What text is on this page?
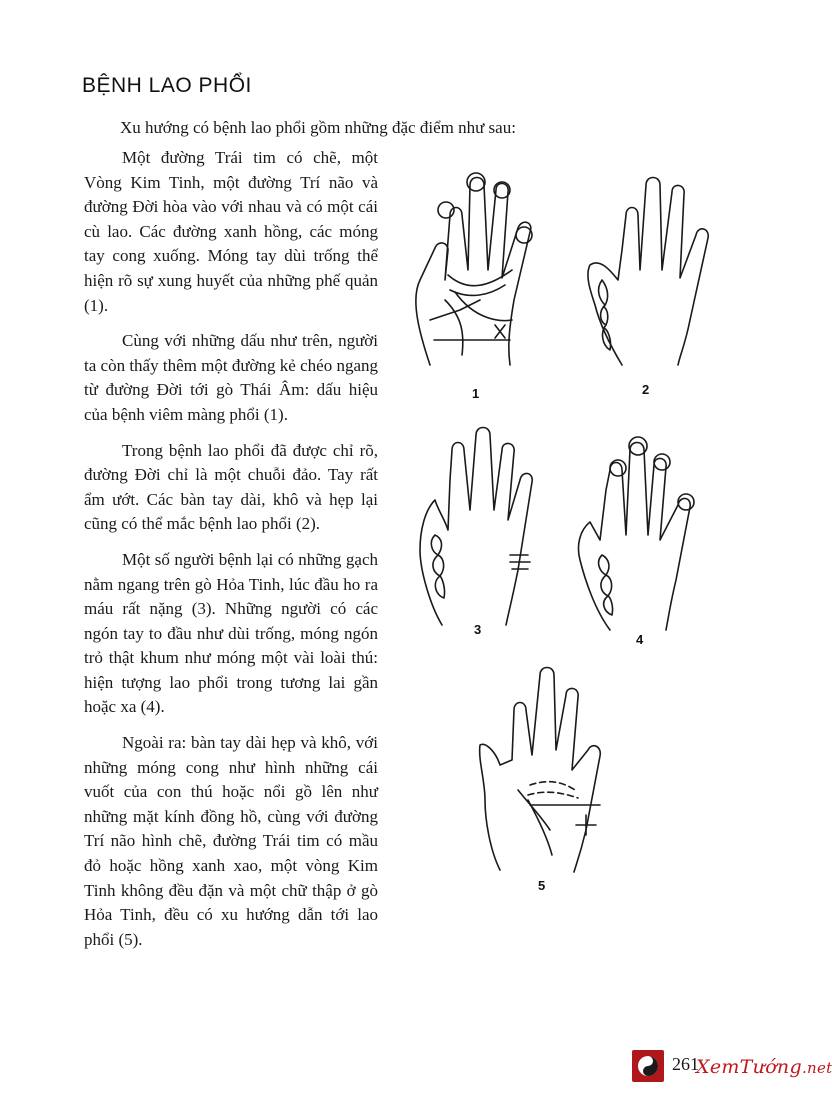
BỆNH LAO PHỔI
Xu hướng có bệnh lao phổi gồm những đặc điểm như sau:

Một đường Trái tim có chẽ, một Vòng Kim Tinh, một đường Trí não và đường Đời hòa vào với nhau và có một cái cù lao. Các đường xanh hồng, các móng tay cong xuống. Móng tay dùi trống thể hiện rõ sự xung huyết của những phế quản (1).

Cùng với những dấu như trên, người ta còn thấy thêm một đường kẻ chéo ngang từ đường Đời tới gò Thái Âm: dấu hiệu của bệnh viêm màng phổi (1).

Trong bệnh lao phổi đã được chỉ rõ, đường Đời chỉ là một chuỗi đảo. Tay rất ẩm ướt. Các bàn tay dài, khô và hẹp lại cũng có thể mắc bệnh lao phổi (2).

Một số người bệnh lại có những gạch nằm ngang trên gò Hỏa Tinh, lúc đầu ho ra máu rất nặng (3). Những người có các ngón tay to đầu như dùi trống, móng ngón trỏ thật khum như móng một vài loài thú: hiện tượng lao phổi trong tương lai gần hoặc xa (4).

Ngoài ra: bàn tay dài hẹp và khô, với những móng cong như hình những cái vuốt của con thú hoặc nổi gồ lên như những mặt kính đồng hồ, cùng với đường Trí não hình chẽ, đường Trái tim có mầu đỏ hoặc hồng xanh xao, một vòng Kim Tinh không đều đặn và một chữ thập ở gò Hỏa Tinh, đều có xu hướng dẫn tới lao phổi (5).

1	2
3
4
5
261
XemTướng.net
